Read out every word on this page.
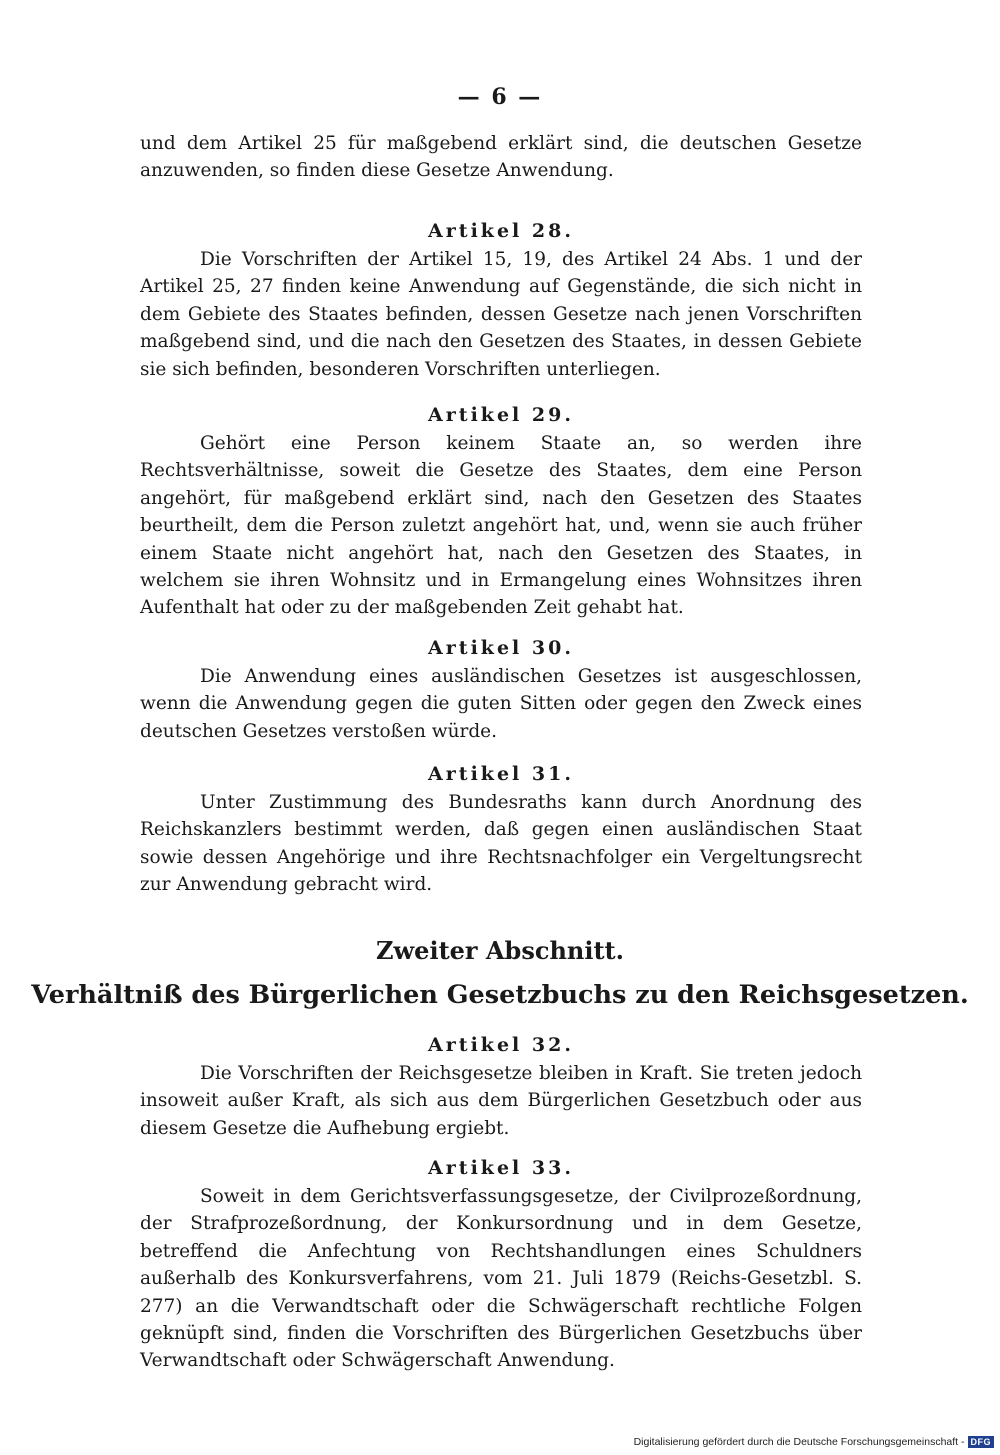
— 6 —

und dem Artikel 25 für maßgebend erklärt sind, die deutschen Gesetze anzuwenden, so finden diese Gesetze Anwendung.

Artikel 28.

Die Vorschriften der Artikel 15, 19, des Artikel 24 Abs. 1 und der Artikel 25, 27 finden keine Anwendung auf Gegenstände, die sich nicht in dem Gebiete des Staates befinden, dessen Gesetze nach jenen Vorschriften maßgebend sind, und die nach den Gesetzen des Staates, in dessen Gebiete sie sich befinden, besonderen Vorschriften unterliegen.

Artikel 29.

Gehört eine Person keinem Staate an, so werden ihre Rechtsverhältnisse, soweit die Gesetze des Staates, dem eine Person angehört, für maßgebend erklärt sind, nach den Gesetzen des Staates beurtheilt, dem die Person zuletzt angehört hat, und, wenn sie auch früher einem Staate nicht angehört hat, nach den Gesetzen des Staates, in welchem sie ihren Wohnsitz und in Ermangelung eines Wohnsitzes ihren Aufenthalt hat oder zu der maßgebenden Zeit gehabt hat.

Artikel 30.

Die Anwendung eines ausländischen Gesetzes ist ausgeschlossen, wenn die Anwendung gegen die guten Sitten oder gegen den Zweck eines deutschen Gesetzes verstoßen würde.

Artikel 31.

Unter Zustimmung des Bundesraths kann durch Anordnung des Reichskanzlers bestimmt werden, daß gegen einen ausländischen Staat sowie dessen Angehörige und ihre Rechtsnachfolger ein Vergeltungsrecht zur Anwendung gebracht wird.

Zweiter Abschnitt.
Verhältniß des Bürgerlichen Gesetzbuchs zu den Reichsgesetzen.
Artikel 32.

Die Vorschriften der Reichsgesetze bleiben in Kraft. Sie treten jedoch insoweit außer Kraft, als sich aus dem Bürgerlichen Gesetzbuch oder aus diesem Gesetze die Aufhebung ergiebt.

Artikel 33.

Soweit in dem Gerichtsverfassungsgesetze, der Civilprozeßordnung, der Strafprozeßordnung, der Konkursordnung und in dem Gesetze, betreffend die Anfechtung von Rechtshandlungen eines Schuldners außerhalb des Konkursverfahrens, vom 21. Juli 1879 (Reichs-Gesetzbl. S. 277) an die Verwandtschaft oder die Schwägerschaft rechtliche Folgen geknüpft sind, finden die Vorschriften des Bürgerlichen Gesetzbuchs über Verwandtschaft oder Schwägerschaft Anwendung.

Digitalisierung gefördert durch die Deutsche Forschungsgemeinschaft - DFG
